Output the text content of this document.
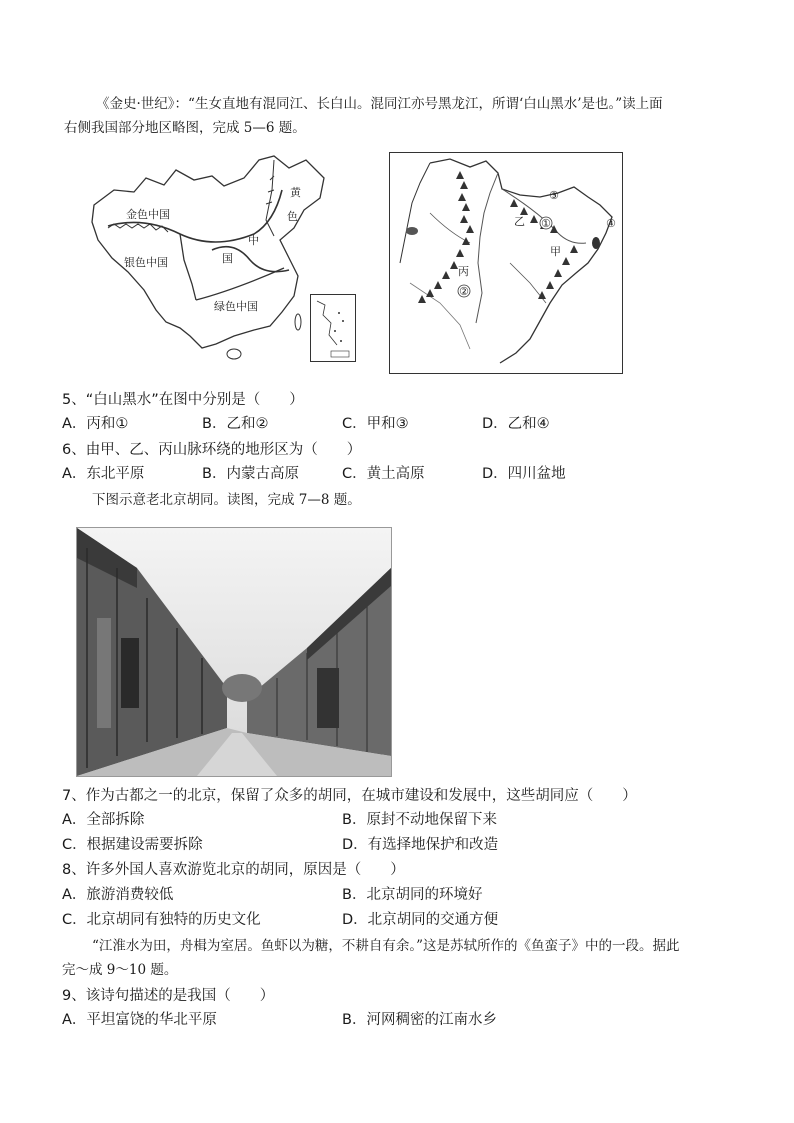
《金史·世纪》：“生女直地有混同江、长白山。混同江亦号黑龙江，所谓‘白山黑水’是也。”读上面
右侧我国部分地区略图，完成 5—6 题。
金色中国
银色中国
绿色中国
黄
色
中
国
乙
丙
甲
①
②
③
④
5、“白山黑水”在图中分别是（　　）
A．丙和①	B．乙和②	C．甲和③	D．乙和④
6、由甲、乙、丙山脉环绕的地形区为（　　）
A．东北平原	B．内蒙古高原	C．黄土高原	D．四川盆地
下图示意老北京胡同。读图，完成 7—8 题。
7、作为古都之一的北京，保留了众多的胡同，在城市建设和发展中，这些胡同应（　　）
A．全部拆除	B．原封不动地保留下来
C．根据建设需要拆除	D．有选择地保护和改造
8、许多外国人喜欢游览北京的胡同，原因是（　　）
A．旅游消费较低	B．北京胡同的环境好
C．北京胡同有独特的历史文化	D．北京胡同的交通方便
“江淮水为田，舟楫为室居。鱼虾以为糖，不耕自有余。”这是苏轼所作的《鱼蛮子》中的一段。据此
完～成 9～10 题。
9、该诗句描述的是我国（　　）
A．平坦富饶的华北平原	B．河网稠密的江南水乡
